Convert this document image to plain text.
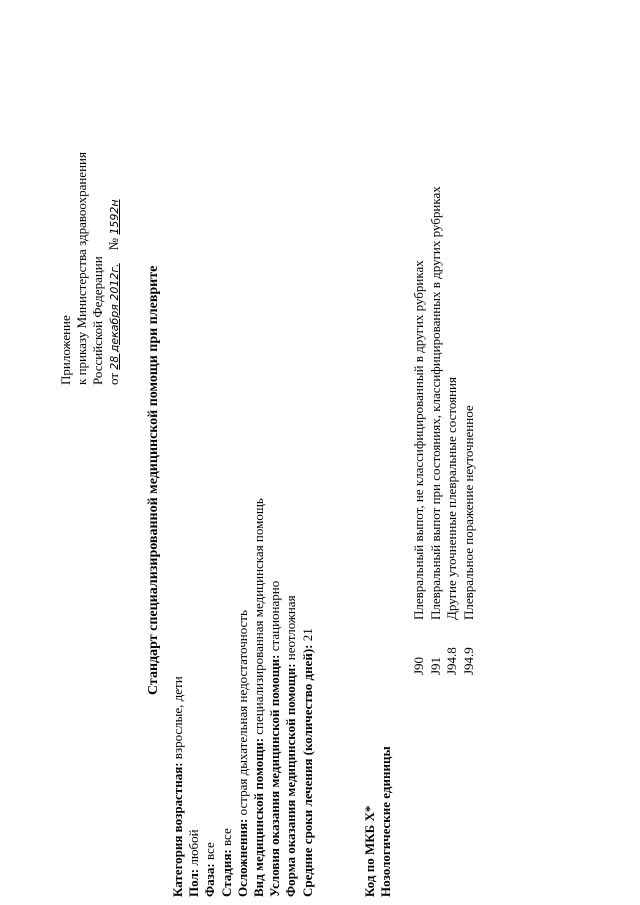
Приложение к приказу Министерства здравоохранения Российской Федерации от 28 декабря 2012г.    № 1592н
Стандарт специализированной медицинской помощи при плеврите
Категория возрастная: взрослые, дети
Пол: любой
Фаза: все Стадия: все Осложнения: острая дыхательная недостаточность Вид медицинской помощи: специализированная медицинская помощь
Условия оказания медицинской помощи: стационарно
Форма оказания медицинской помощи: неотложная
Средние сроки лечения (количество дней): 21
Код по МКБ X* Нозологические единицы
J90
Плевральный выпот, не классифицированный в других рубриках
J91
Плевральный выпот при состояниях, классифицированных в других рубриках
J94.8
Другие уточненные плевральные состояния
J94.9
Плевральное поражение неуточненное
